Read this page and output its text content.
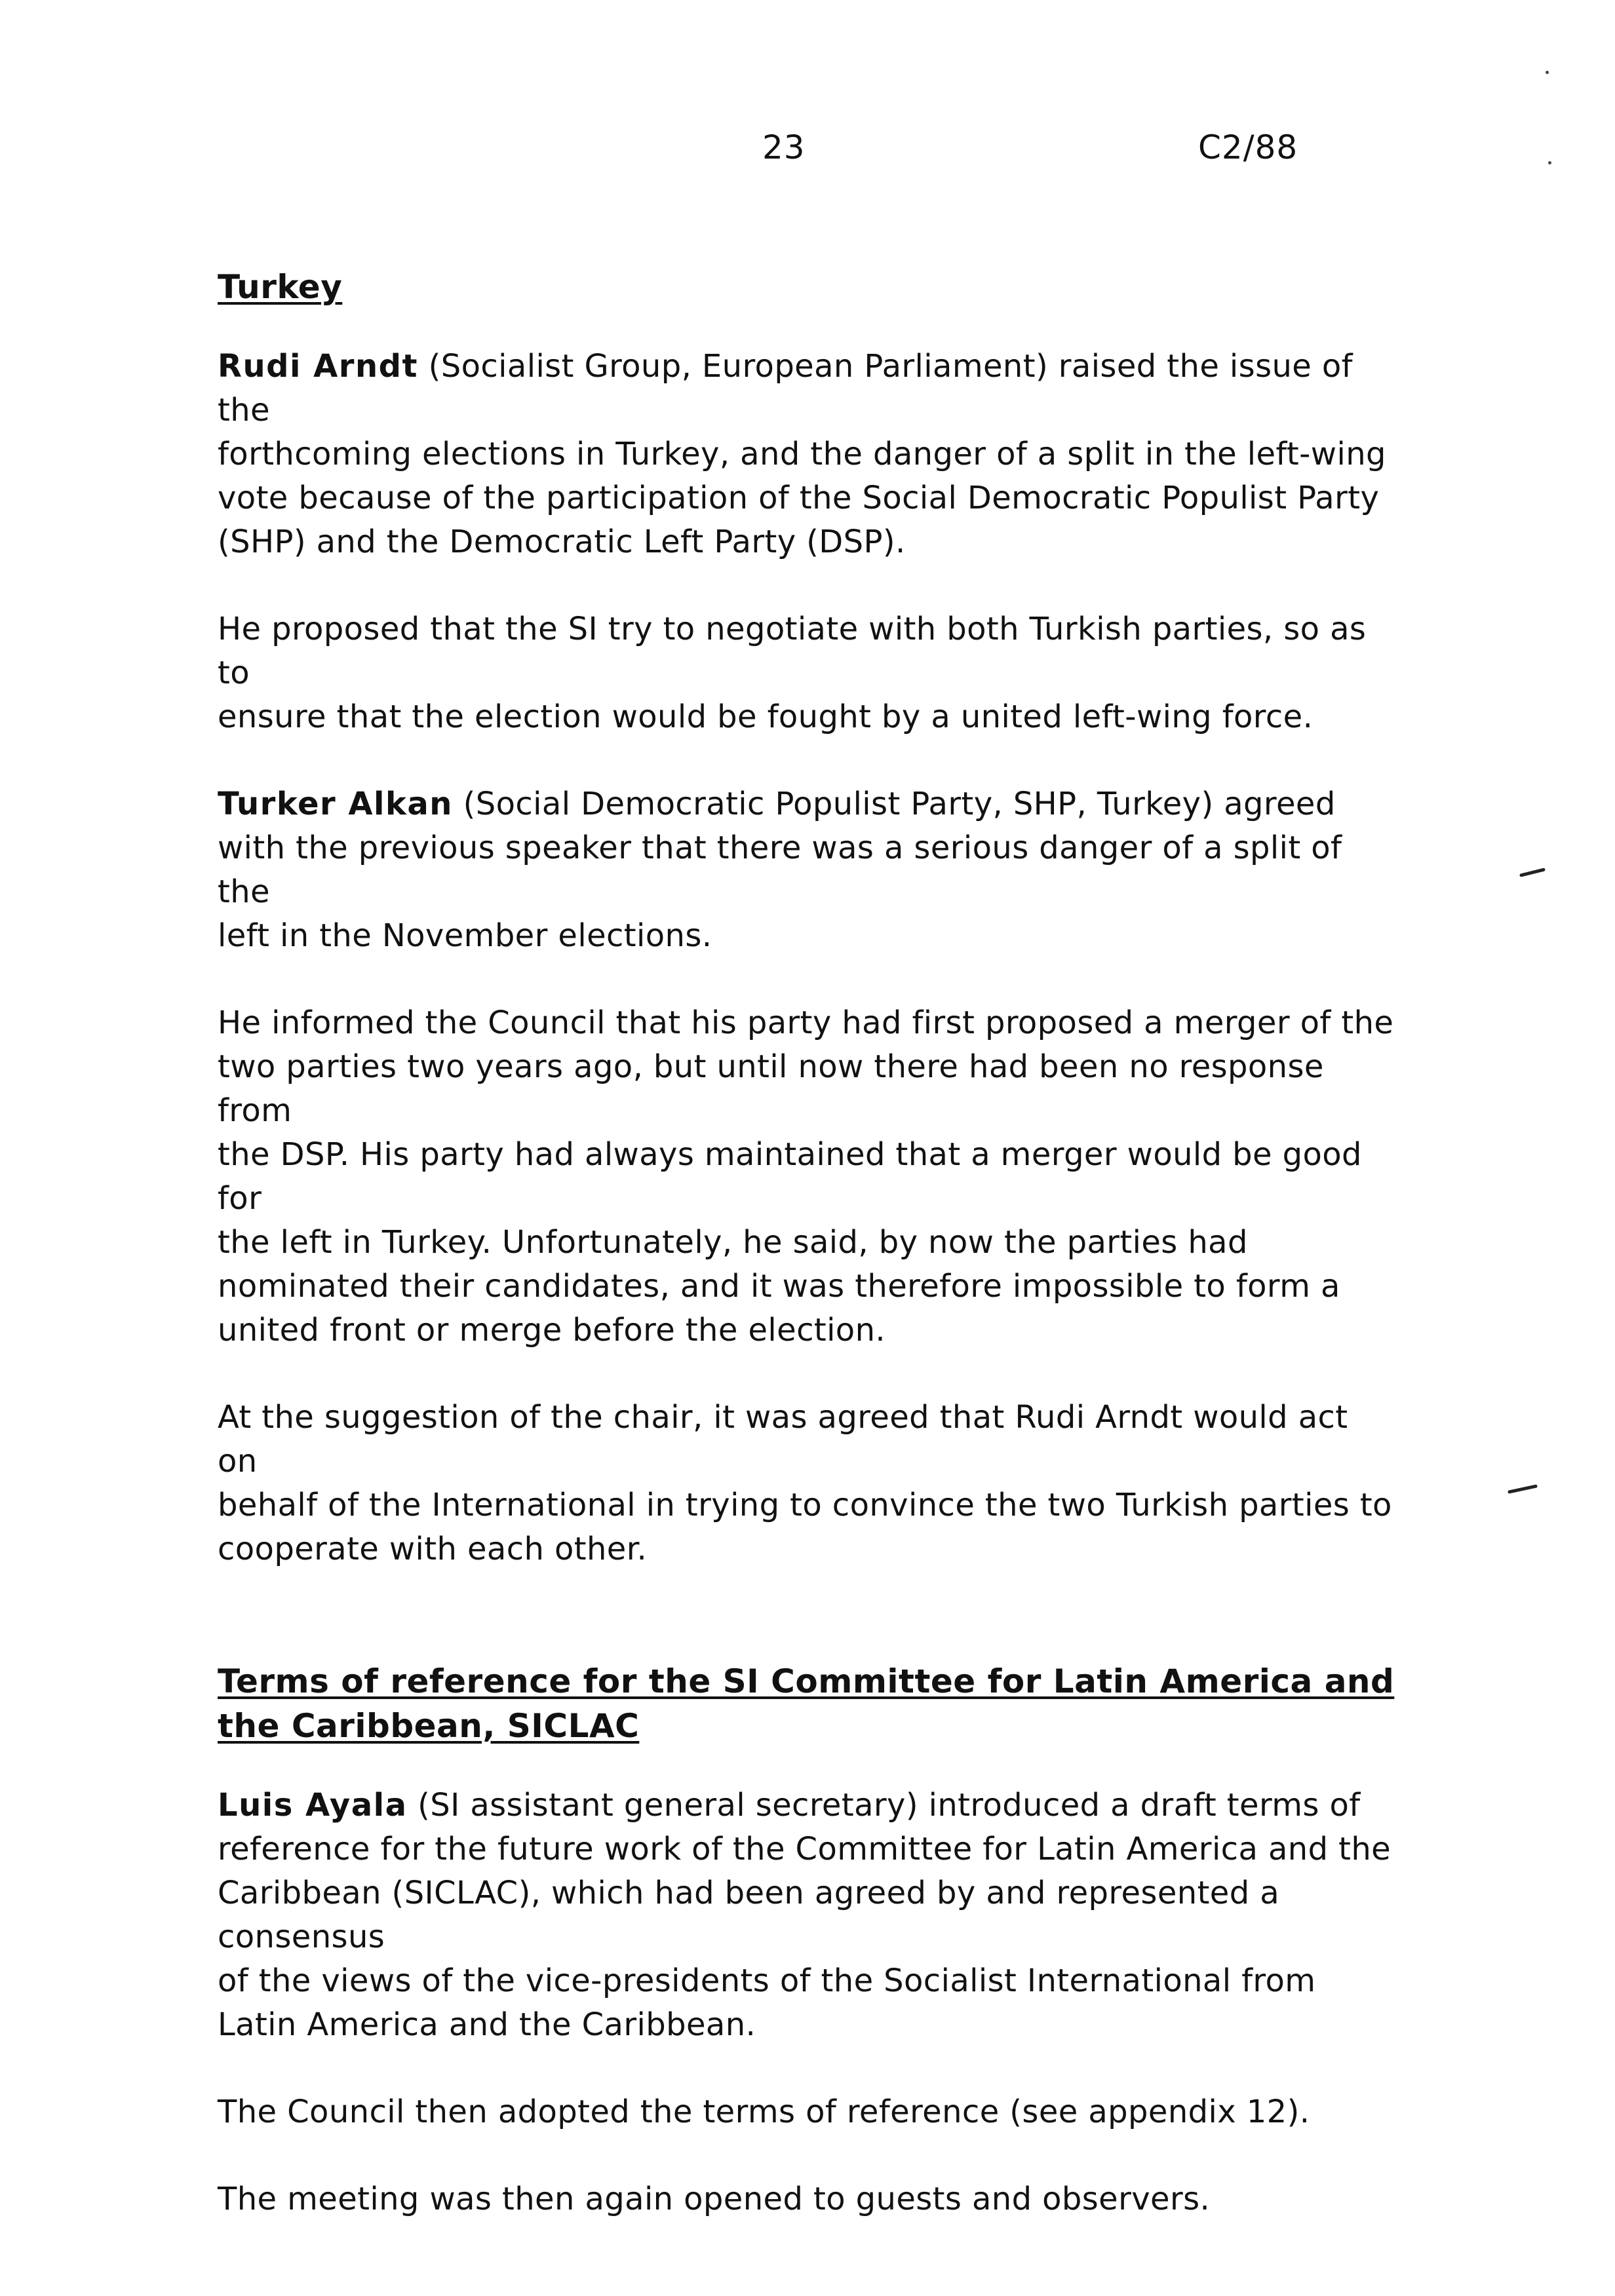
23	C2/88

Turkey

Rudi Arndt (Socialist Group, European Parliament) raised the issue of the
forthcoming elections in Turkey, and the danger of a split in the left-wing
vote because of the participation of the Social Democratic Populist Party
(SHP) and the Democratic Left Party (DSP).

He proposed that the SI try to negotiate with both Turkish parties, so as to
ensure that the election would be fought by a united left-wing force.

Turker Alkan (Social Democratic Populist Party, SHP, Turkey) agreed
with the previous speaker that there was a serious danger of a split of the
left in the November elections.

He informed the Council that his party had first proposed a merger of the
two parties two years ago, but until now there had been no response from
the DSP. His party had always maintained that a merger would be good for
the left in Turkey. Unfortunately, he said, by now the parties had
nominated their candidates, and it was therefore impossible to form a
united front or merge before the election.

At the suggestion of the chair, it was agreed that Rudi Arndt would act on
behalf of the International in trying to convince the two Turkish parties to
cooperate with each other.

Terms of reference for the SI Committee for Latin America and
the Caribbean, SICLAC

Luis Ayala (SI assistant general secretary) introduced a draft terms of
reference for the future work of the Committee for Latin America and the
Caribbean (SICLAC), which had been agreed by and represented a consensus
of the views of the vice-presidents of the Socialist International from
Latin America and the Caribbean.

The Council then adopted the terms of reference (see appendix 12).

The meeting was then again opened to guests and observers.
